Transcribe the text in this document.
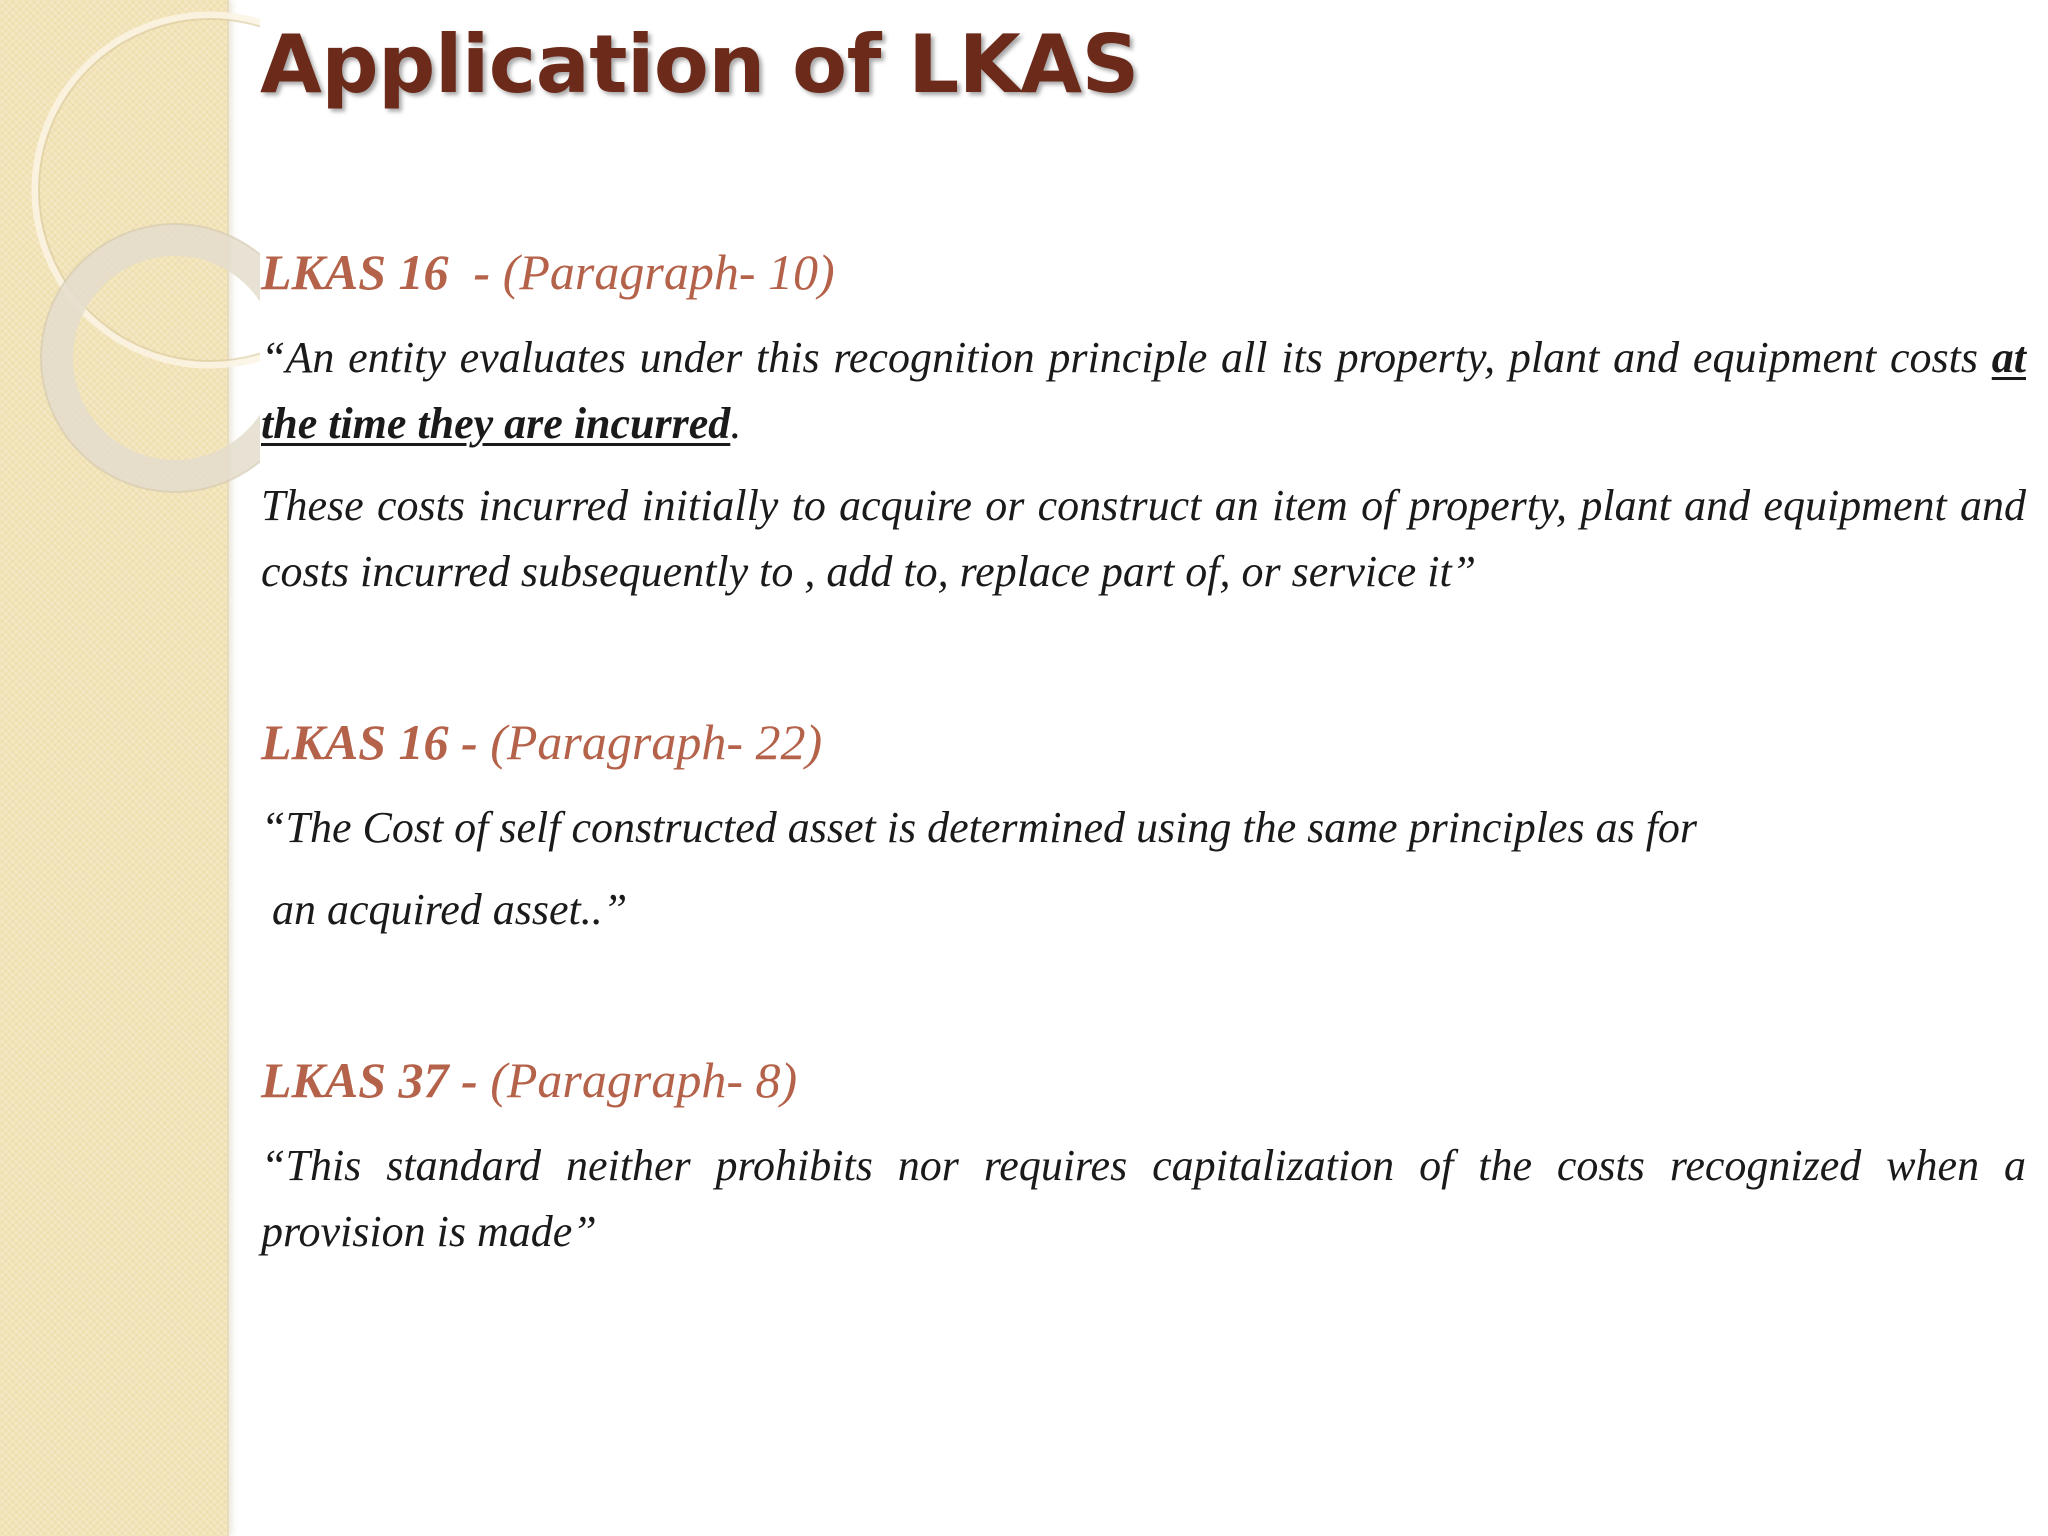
Application of LKAS
LKAS 16  - (Paragraph- 10)

“An entity evaluates under this recognition principle all its property, plant and equipment costs at the time they are incurred.

These costs incurred initially to acquire or construct an item of property, plant and equipment and costs incurred subsequently to , add to, replace part of, or service it”

LKAS 16 - (Paragraph- 22)

“The Cost of self constructed asset is determined using the same principles as for

an acquired asset..”

LKAS 37 - (Paragraph- 8)

“This standard neither prohibits nor requires capitalization of the costs recognized when a provision is made”
